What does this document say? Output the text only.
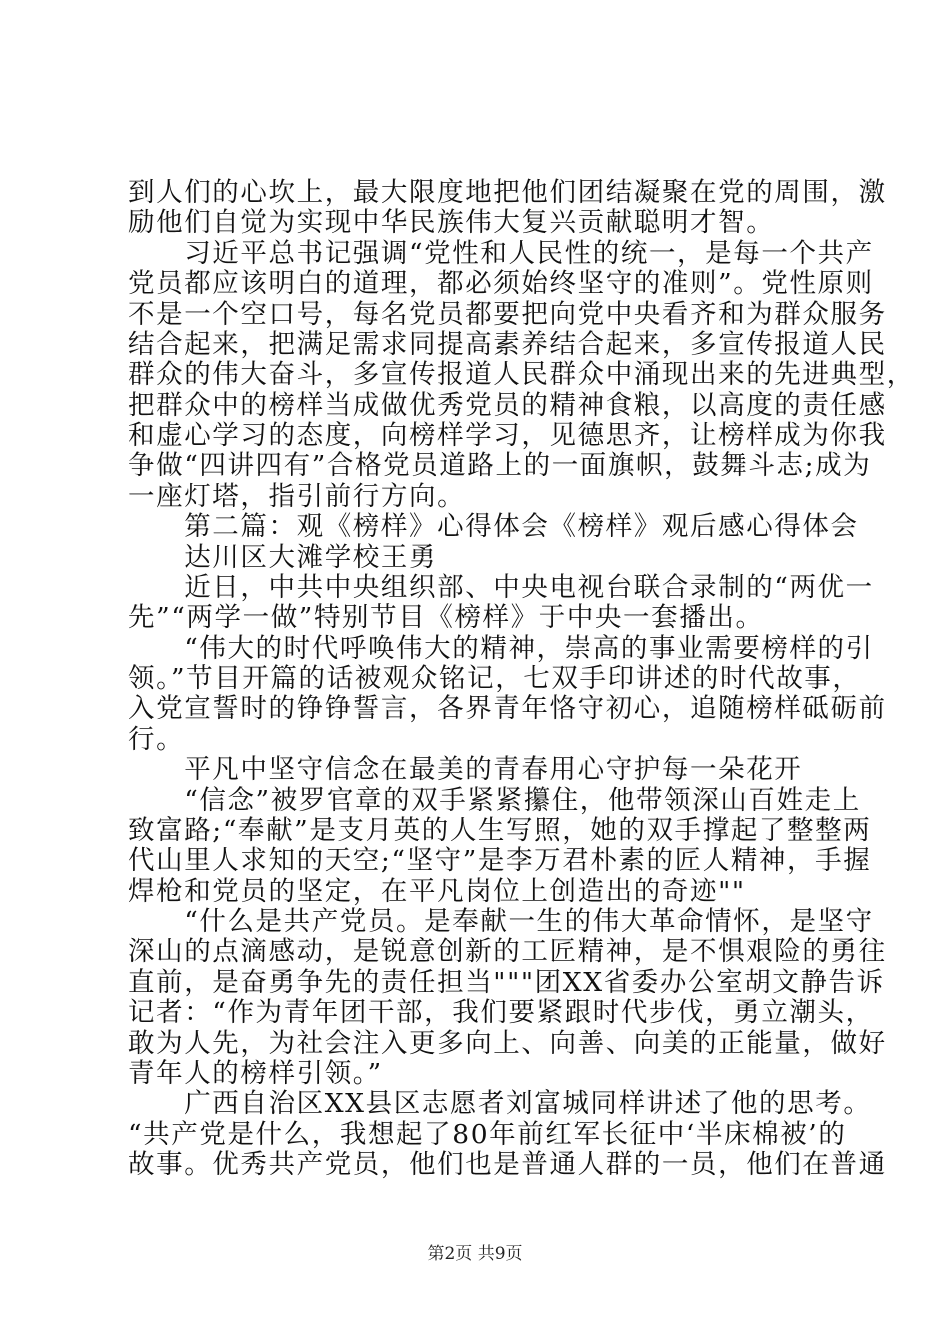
到人们的心坎上，最大限度地把他们团结凝聚在党的周围，激
励他们自觉为实现中华民族伟大复兴贡献聪明才智。
　　习近平总书记强调“党性和人民性的统一，是每一个共产
党员都应该明白的道理，都必须始终坚守的准则”。党性原则
不是一个空口号，每名党员都要把向党中央看齐和为群众服务
结合起来，把满足需求同提高素养结合起来，多宣传报道人民
群众的伟大奋斗，多宣传报道人民群众中涌现出来的先进典型，
把群众中的榜样当成做优秀党员的精神食粮，以高度的责任感
和虚心学习的态度，向榜样学习，见德思齐，让榜样成为你我
争做“四讲四有”合格党员道路上的一面旗帜，鼓舞斗志;成为
一座灯塔，指引前行方向。
　　第二篇：观《榜样》心得体会《榜样》观后感心得体会
　　达川区大滩学校王勇
　　近日，中共中央组织部、中央电视台联合录制的“两优一
先”“两学一做”特别节目《榜样》于中央一套播出。
　　“伟大的时代呼唤伟大的精神，崇高的事业需要榜样的引
领。”节目开篇的话被观众铭记，七双手印讲述的时代故事，
入党宣誓时的铮铮誓言，各界青年恪守初心，追随榜样砥砺前
行。
　　平凡中坚守信念在最美的青春用心守护每一朵花开
　　“信念”被罗官章的双手紧紧攥住，他带领深山百姓走上
致富路;“奉献”是支月英的人生写照，她的双手撑起了整整两
代山里人求知的天空;“坚守”是李万君朴素的匠人精神，手握
焊枪和党员的坚定，在平凡岗位上创造出的奇迹""
　　“什么是共产党员。是奉献一生的伟大革命情怀，是坚守
深山的点滴感动，是锐意创新的工匠精神，是不惧艰险的勇往
直前，是奋勇争先的责任担当"""团XX省委办公室胡文静告诉
记者：“作为青年团干部，我们要紧跟时代步伐，勇立潮头，
敢为人先，为社会注入更多向上、向善、向美的正能量，做好
青年人的榜样引领。”
　　广西自治区XX县区志愿者刘富城同样讲述了他的思考。
“共产党是什么，我想起了80年前红军长征中‘半床棉被’的
故事。优秀共产党员，他们也是普通人群的一员，他们在普通
第2页 共9页
